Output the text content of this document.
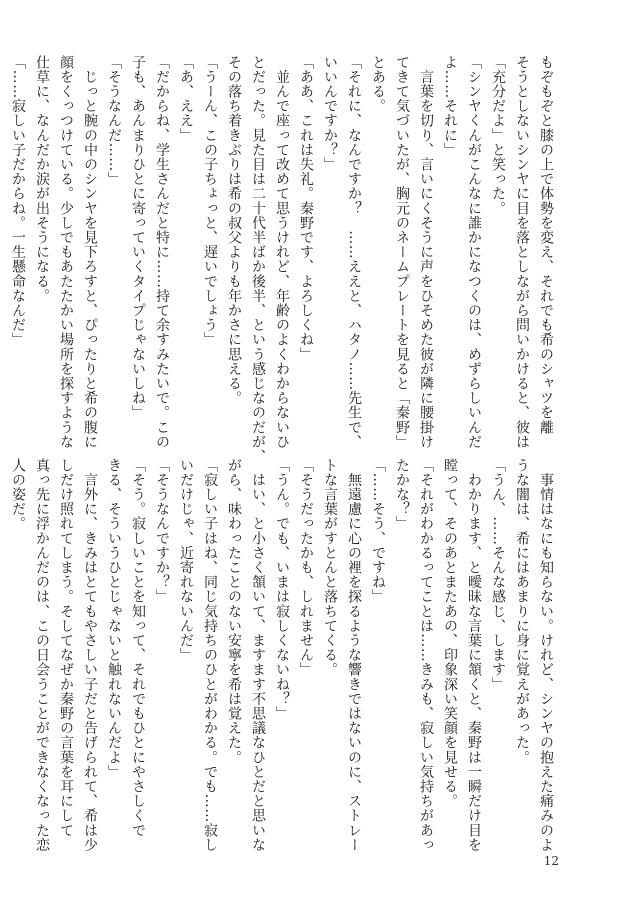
もぞもぞと膝の上で体勢を変え、それでも希のシャツを離
そうとしないシンヤに目を落としながら問いかけると、彼は
「充分だよ」と笑った。
「シンヤくんがこんなに誰かになつくのは、めずらしいんだ
よ……それに」
　言葉を切り、言いにくそうに声をひそめた彼が隣に腰掛け
てきて気づいたが、胸元のネームプレートを見ると「秦野」
とある。
「それに、なんですか？　……ええと、ハタノ……先生で、
いいんですか？」
「ああ、これは失礼。秦野です、よろしくね」
　並んで座って改めて思うけれど、年齢のよくわからないひ
とだった。見た目は二十代半ばか後半、という感じなのだが、
その落ち着きぶりは希の叔父よりも年かさに思える。
「うーん、この子ちょっと、遅いでしょう」
「あ、ええ」
「だからね、学生さんだと特に……持て余すみたいで。この
子も、あんまりひとに寄っていくタイプじゃないしね」
「そうなんだ……」
　じっと腕の中のシンヤを見下ろすと、ぴったりと希の腹に
顔をくっつけている。少しでもあたたかい場所を探すような
仕草に、なんだか涙が出そうになる。
「……寂しい子だからね。一生懸命なんだ」
　事情はなにも知らない。けれど、シンヤの抱えた痛みのよ
うな闇は、希にはあまりに身に覚えがあった。
「うん、……そんな感じ、します」
　わかります、と曖昧な言葉に頷くと、秦野は一瞬だけ目を
瞠って、そのあとまたあの、印象深い笑顔を見せる。
「それがわかるってことは……きみも、寂しい気持ちがあっ
たかな？」
「……そう、ですね」
　無遠慮に心の裡を探るような響きではないのに、ストレー
トな言葉がすとんと落ちてくる。
「そうだったかも、しれません」
「うん。でも、いまは寂しくないね？」
　はい、と小さく頷いて、ますます不思議なひとだと思いな
がら、味わったことのない安寧を希は覚えた。
「寂しい子はね、同じ気持ちのひとがわかる。でも……寂し
いだけじゃ、近寄れないんだ」
「そうなんですか？」
「そう。寂しいことを知って、それでもひとにやさしくで
きる、そういうひとじゃないと触れないんだよ」
　言外に、きみはとてもやさしい子だと告げられて、希は少
しだけ照れてしまう。そしてなぜか秦野の言葉を耳にして
真っ先に浮かんだのは、この日会うことができなくなった恋
人の姿だ。
12
